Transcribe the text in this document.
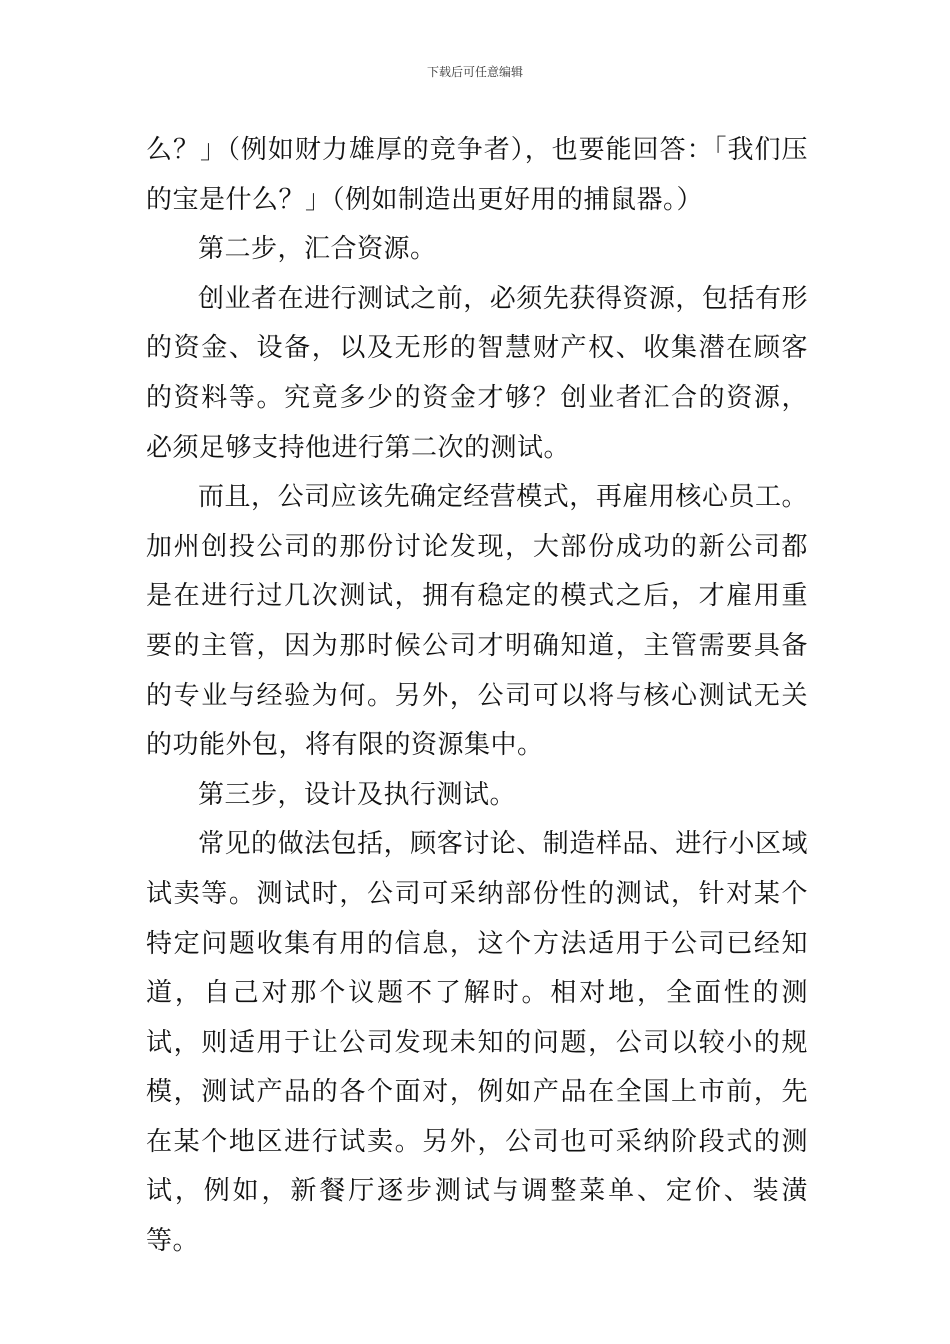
下载后可任意编辑

么？」（例如财力雄厚的竞争者），也要能回答：「我们压的宝是什么？」（例如制造出更好用的捕鼠器。）

第二步，汇合资源。

创业者在进行测试之前，必须先获得资源，包括有形的资金、设备，以及无形的智慧财产权、收集潜在顾客的资料等。究竟多少的资金才够？创业者汇合的资源，必须足够支持他进行第二次的测试。

而且，公司应该先确定经营模式，再雇用核心员工。加州创投公司的那份讨论发现，大部份成功的新公司都是在进行过几次测试，拥有稳定的模式之后，才雇用重要的主管，因为那时候公司才明确知道，主管需要具备的专业与经验为何。另外，公司可以将与核心测试无关的功能外包，将有限的资源集中。

第三步，设计及执行测试。

常见的做法包括，顾客讨论、制造样品、进行小区域试卖等。测试时，公司可采纳部份性的测试，针对某个特定问题收集有用的信息，这个方法适用于公司已经知道，自己对那个议题不了解时。相对地，全面性的测试，则适用于让公司发现未知的问题，公司以较小的规模，测试产品的各个面对，例如产品在全国上市前，先在某个地区进行试卖。另外，公司也可采纳阶段式的测试，例如，新餐厅逐步测试与调整菜单、定价、装潢等。
